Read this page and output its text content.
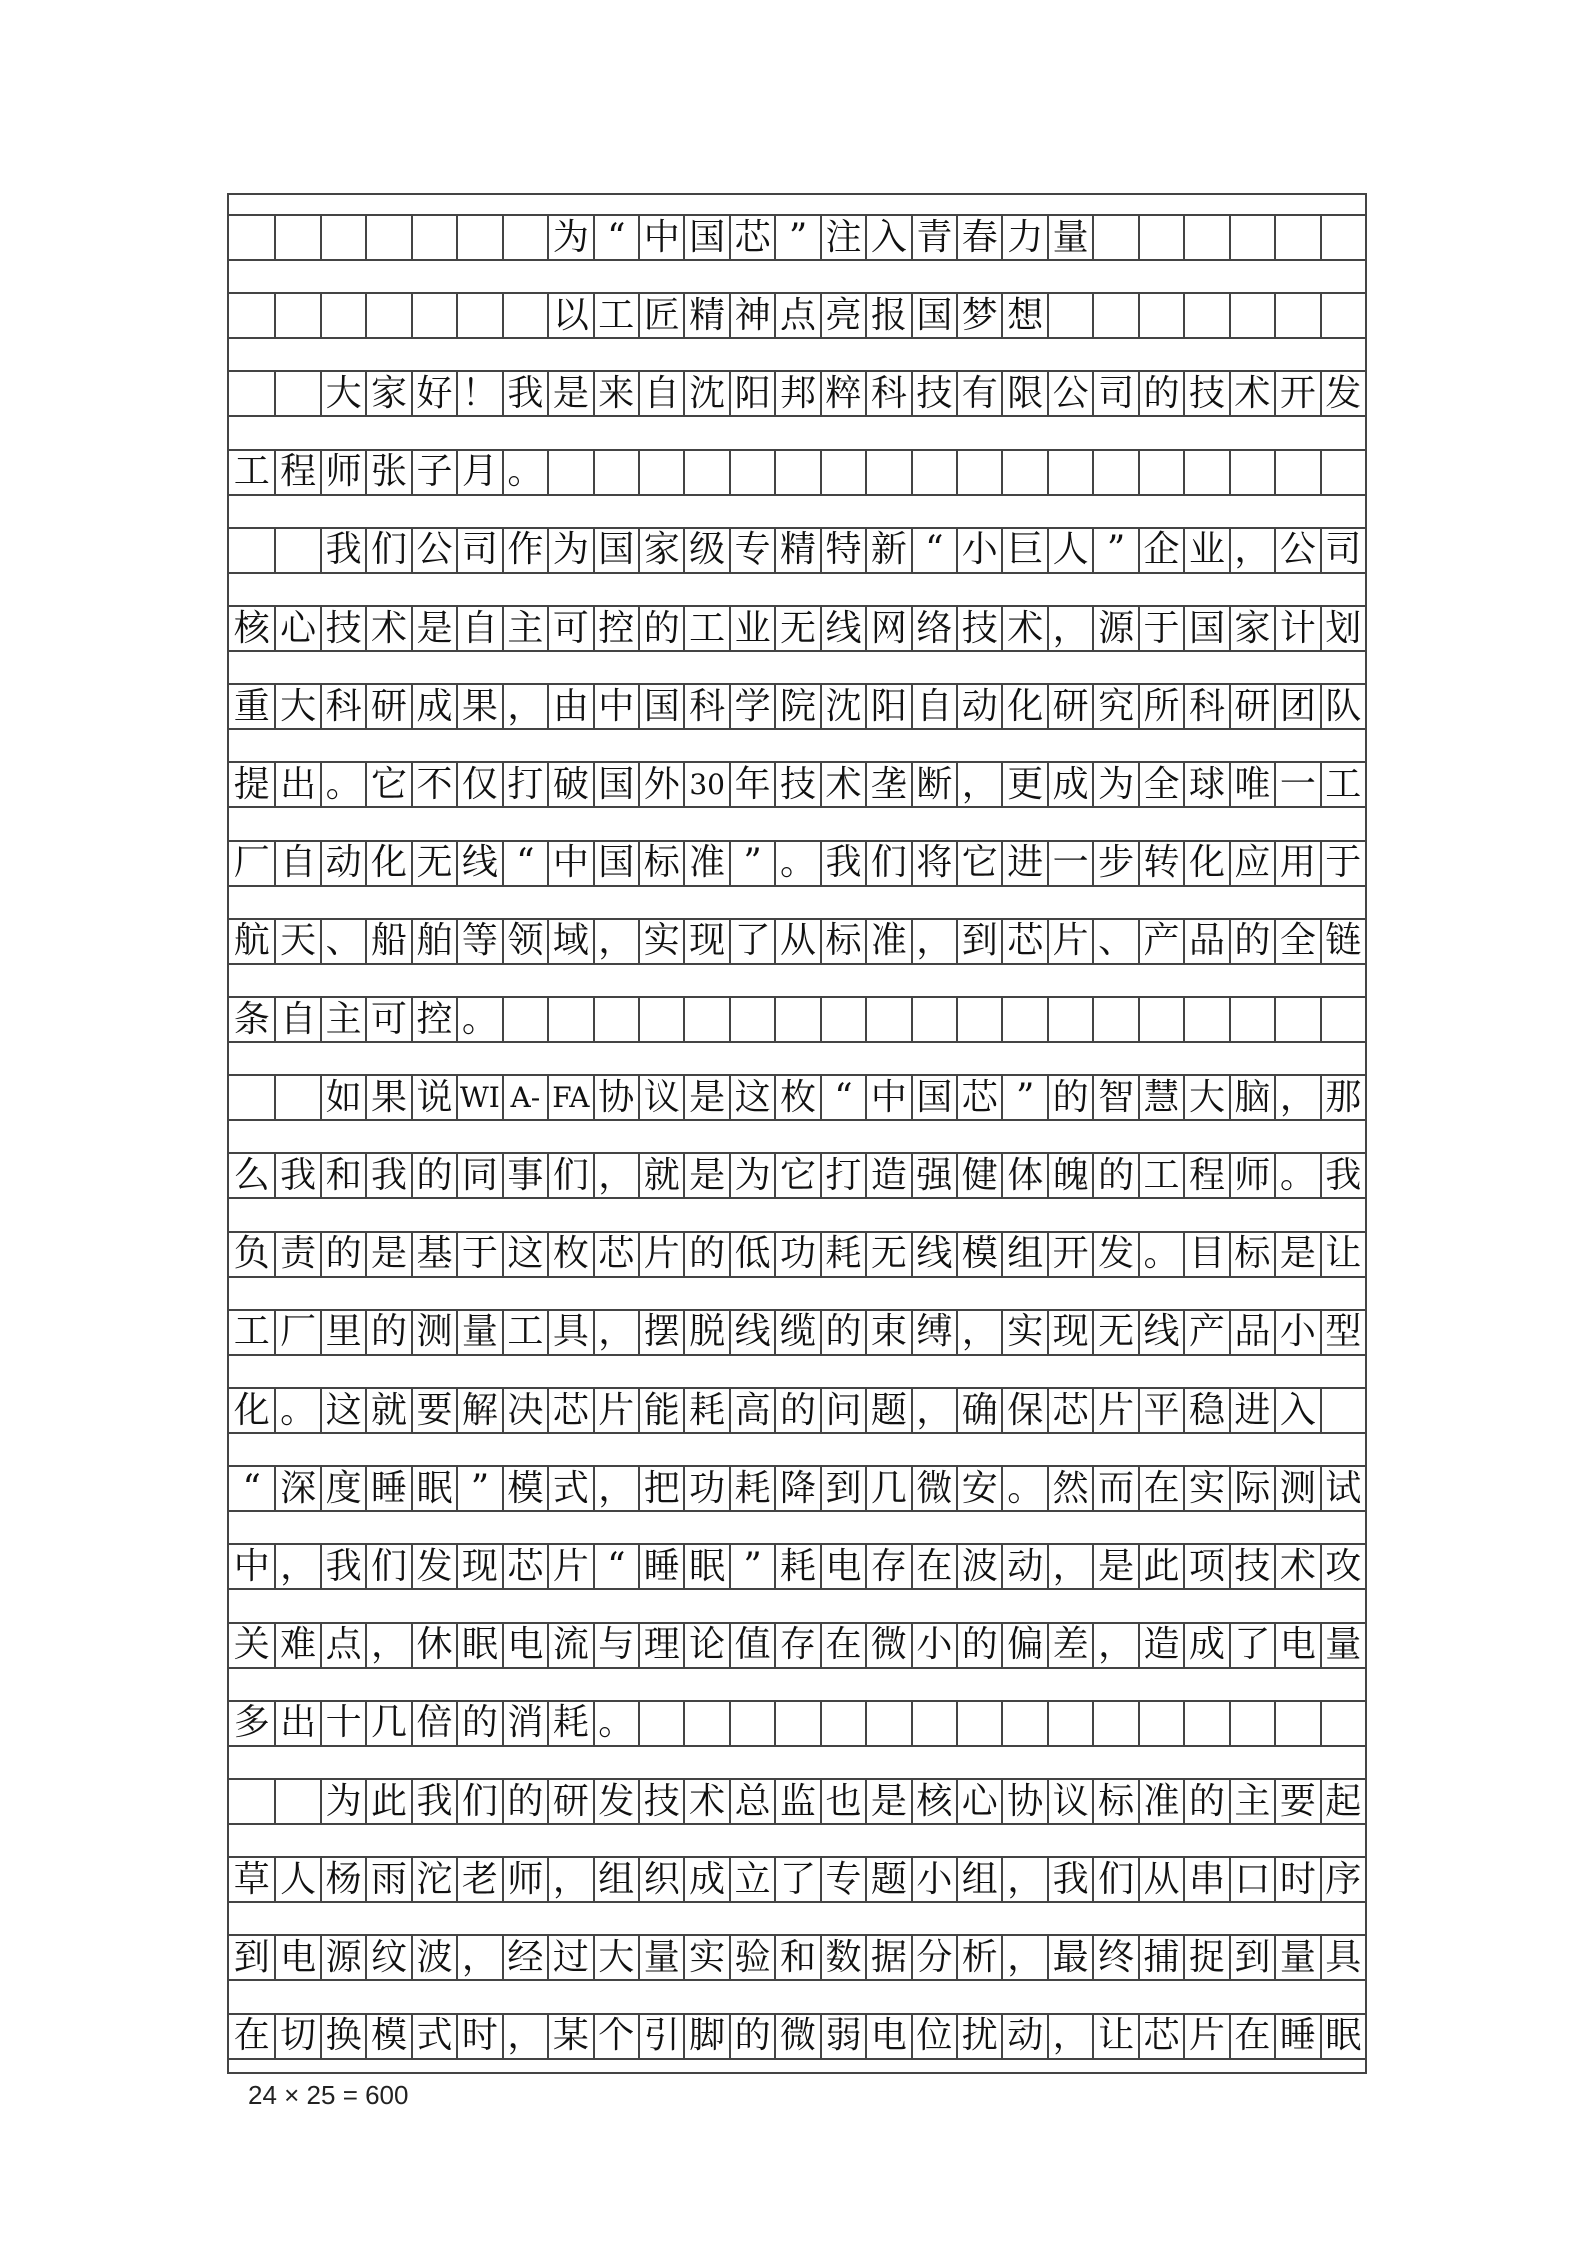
为 “ 中 国 芯 ” 注 入 青 春 力 量
以 工 匠 精 神 点 亮 报 国 梦 想
大 家 好 ！ 我 是 来 自 沈 阳 邦 粹 科 技 有 限 公 司 的 技 术 开 发
工 程 师 张 子 月 。
我 们 公 司 作 为 国 家 级 专 精 特 新 “ 小 巨 人 ” 企 业 ， 公 司
核 心 技 术 是 自 主 可 控 的 工 业 无 线 网 络 技 术 ， 源 于 国 家 计 划
重 大 科 研 成 果 ， 由 中 国 科 学 院 沈 阳 自 动 化 研 究 所 科 研 团 队
提 出 。 它 不 仅 打 破 国 外 30 年 技 术 垄 断 ， 更 成 为 全 球 唯 一 工
厂 自 动 化 无 线 “ 中 国 标 准 ” 。 我 们 将 它 进 一 步 转 化 应 用 于
航 天 、 船 舶 等 领 域 ， 实 现 了 从 标 准 ， 到 芯 片 、 产 品 的 全 链
条 自 主 可 控 。
如 果 说 WI A- FA 协 议 是 这 枚 “ 中 国 芯 ” 的 智 慧 大 脑 ， 那
么 我 和 我 的 同 事 们 ， 就 是 为 它 打 造 强 健 体 魄 的 工 程 师 。 我
负 责 的 是 基 于 这 枚 芯 片 的 低 功 耗 无 线 模 组 开 发 。 目 标 是 让
工 厂 里 的 测 量 工 具 ， 摆 脱 线 缆 的 束 缚 ， 实 现 无 线 产 品 小 型
化 。 这 就 要 解 决 芯 片 能 耗 高 的 问 题 ， 确 保 芯 片 平 稳 进 入
“ 深 度 睡 眠 ” 模 式 ， 把 功 耗 降 到 几 微 安 。 然 而 在 实 际 测 试
中 ， 我 们 发 现 芯 片 “ 睡 眠 ” 耗 电 存 在 波 动 ， 是 此 项 技 术 攻
关 难 点 ， 休 眠 电 流 与 理 论 值 存 在 微 小 的 偏 差 ， 造 成 了 电 量
多 出 十 几 倍 的 消 耗 。
为 此 我 们 的 研 发 技 术 总 监 也 是 核 心 协 议 标 准 的 主 要 起
草 人 杨 雨 沱 老 师 ， 组 织 成 立 了 专 题 小 组 ， 我 们 从 串 口 时 序
到 电 源 纹 波 ， 经 过 大 量 实 验 和 数 据 分 析 ， 最 终 捕 捉 到 量 具
在 切 换 模 式 时 ， 某 个 引 脚 的 微 弱 电 位 扰 动 ， 让 芯 片 在 睡 眠
24 × 25 = 600
